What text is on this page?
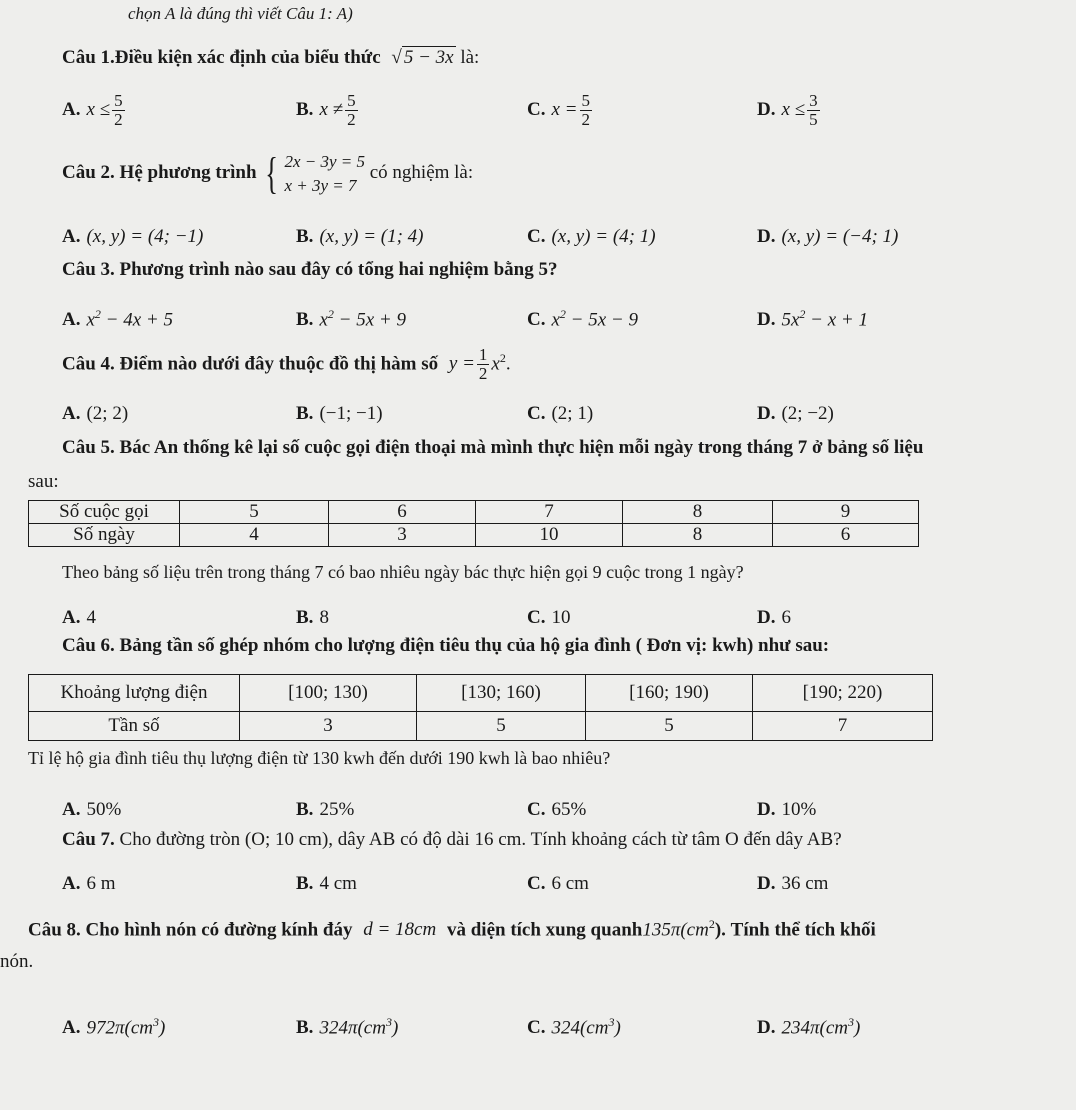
chọn A là đúng thì viết Câu 1: A)
Câu 1.Điều kiện xác định của biểu thức √ 5 − 3x là:
A. $x \le \frac{5}{2}$	B. $x \ne \frac{5}{2}$	C. $x = \frac{5}{2}$	D. $x \le \frac{3}{5}$
Câu 2. Hệ phương trình { 2x − 3y = 5
x + 3y = 7
có nghiệm là:
A. (x, y) = (4; −1)	B. (x, y) = (1; 4)	C. (x, y) = (4; 1)	D. (x, y) = (−4; 1)
Câu 3. Phương trình nào sau đây có tổng hai nghiệm bằng 5?
A. $x^2 - 4x + 5$	B. $x^2 - 5x + 9$	C. $x^2 - 5x - 9$	D. $5x^2 - x + 1$
Câu 4. Điểm nào dưới đây thuộc đồ thị hàm số $y = \frac{1}{2} x^2$.
A. (2; 2)	B. (−1; −1)	C. (2; 1)	D. (2; −2)
Câu 5. Bác An thống kê lại số cuộc gọi điện thoại mà mình thực hiện mỗi ngày trong tháng 7 ở bảng số liệu
sau:
Số cuộc gọi	5	6	7	8	9
Số ngày	4	3	10	8	6
Theo bảng số liệu trên trong tháng 7 có bao nhiêu ngày bác thực hiện gọi 9 cuộc trong 1 ngày?
A. 4	B. 8	C. 10	D. 6
Câu 6. Bảng tần số ghép nhóm cho lượng điện tiêu thụ của hộ gia đình ( Đơn vị: kwh) như sau:
Khoảng lượng điện	[100; 130)	[130; 160)	[160; 190)	[190; 220)
Tần số	3	5	5	7
Tỉ lệ hộ gia đình tiêu thụ lượng điện từ 130 kwh đến dưới 190 kwh là bao nhiêu?
A. 50%	B. 25%	C. 65%	D. 10%
Câu 7. Cho đường tròn (O; 10 cm), dây AB có độ dài 16 cm. Tính khoảng cách từ tâm O đến dây AB?
A. 6 m	B. 4 cm	C. 6 cm	D. 36 cm
Câu 8. Cho hình nón có đường kính đáy d = 18cm và diện tích xung $quanh135\pi(cm^2)$. Tính thể tích khối
nón.
A. $972\pi(cm^3)$	B. $324\pi(cm^3)$	C. $324(cm^3)$	D. $234\pi(cm^3)$
